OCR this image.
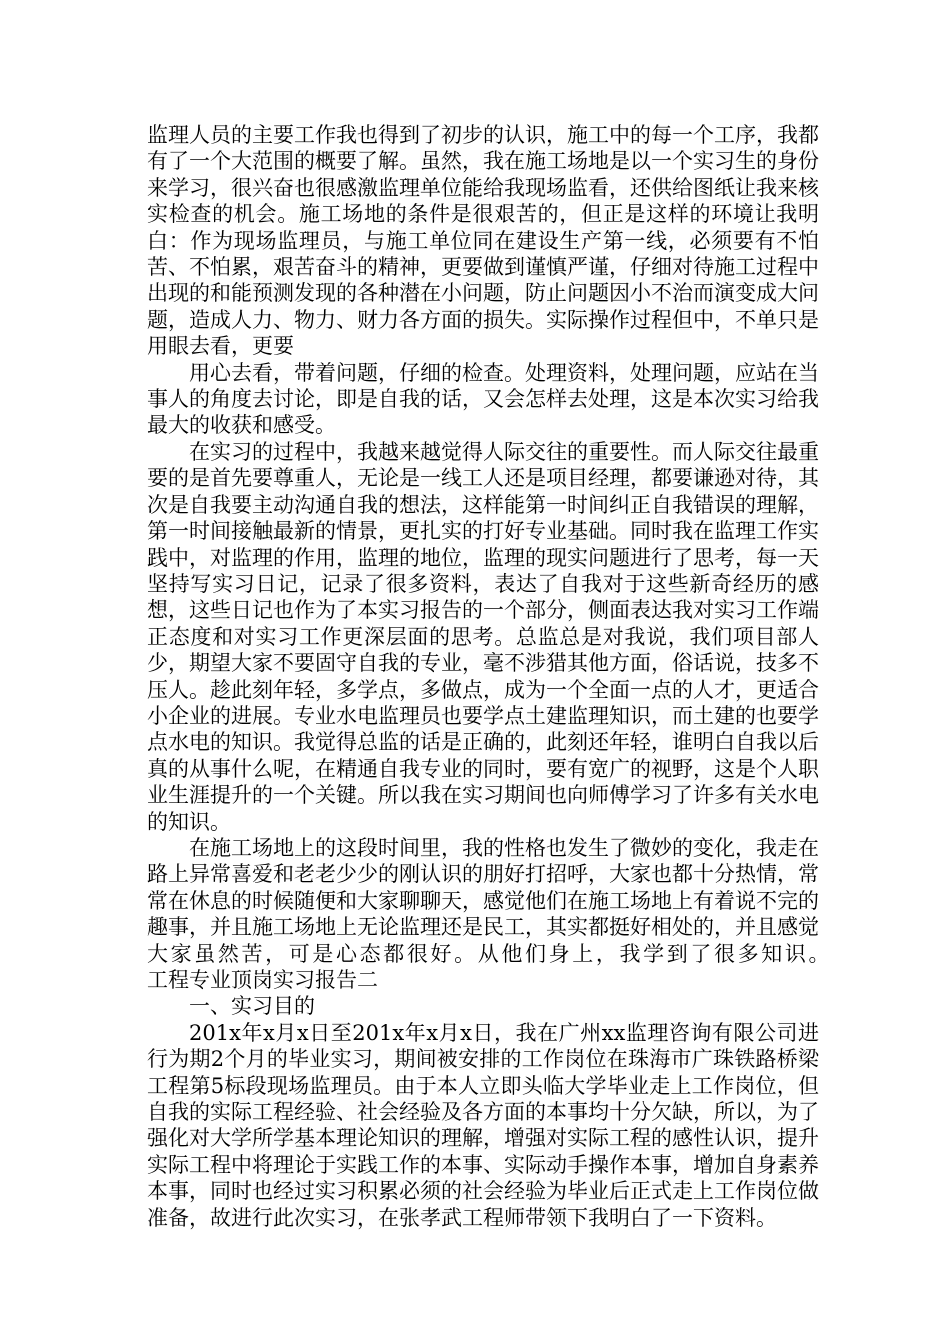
监理人员的主要工作我也得到了初步的认识，施工中的每一个工序，我都有了一个大范围的概要了解。虽然，我在施工场地是以一个实习生的身份来学习，很兴奋也很感激监理单位能给我现场监看，还供给图纸让我来核实检查的机会。施工场地的条件是很艰苦的，但正是这样的环境让我明白：作为现场监理员，与施工单位同在建设生产第一线，必须要有不怕苦、不怕累，艰苦奋斗的精神，更要做到谨慎严谨，仔细对待施工过程中出现的和能预测发现的各种潜在小问题，防止问题因小不治而演变成大问题，造成人力、物力、财力各方面的损失。实际操作过程但中，不单只是用眼去看，更要

用心去看，带着问题，仔细的检查。处理资料，处理问题，应站在当事人的角度去讨论，即是自我的话，又会怎样去处理，这是本次实习给我最大的收获和感受。

在实习的过程中，我越来越觉得人际交往的重要性。而人际交往最重要的是首先要尊重人，无论是一线工人还是项目经理，都要谦逊对待，其次是自我要主动沟通自我的想法，这样能第一时间纠正自我错误的理解，第一时间接触最新的情景，更扎实的打好专业基础。同时我在监理工作实践中，对监理的作用，监理的地位，监理的现实问题进行了思考，每一天坚持写实习日记，记录了很多资料，表达了自我对于这些新奇经历的感想，这些日记也作为了本实习报告的一个部分，侧面表达我对实习工作端正态度和对实习工作更深层面的思考。总监总是对我说，我们项目部人少，期望大家不要固守自我的专业，毫不涉猎其他方面，俗话说，技多不压人。趁此刻年轻，多学点，多做点，成为一个全面一点的人才，更适合小企业的进展。专业水电监理员也要学点土建监理知识，而土建的也要学点水电的知识。我觉得总监的话是正确的，此刻还年轻，谁明白自我以后真的从事什么呢，在精通自我专业的同时，要有宽广的视野，这是个人职业生涯提升的一个关键。所以我在实习期间也向师傅学习了许多有关水电的知识。

在施工场地上的这段时间里，我的性格也发生了微妙的变化，我走在路上异常喜爱和老老少少的刚认识的朋好打招呼，大家也都十分热情，常常在休息的时候随便和大家聊聊天，感觉他们在施工场地上有着说不完的趣事，并且施工场地上无论监理还是民工，其实都挺好相处的，并且感觉大家虽然苦，可是心态都很好。从他们身上，我学到了很多知识。　　　工程专业顶岗实习报告二

一、实习目的

201x年x月x日至201x年x月x日，我在广州xx监理咨询有限公司进行为期2个月的毕业实习，期间被安排的工作岗位在珠海市广珠铁路桥梁工程第5标段现场监理员。由于本人立即头临大学毕业走上工作岗位，但自我的实际工程经验、社会经验及各方面的本事均十分欠缺，所以，为了强化对大学所学基本理论知识的理解，增强对实际工程的感性认识，提升实际工程中将理论于实践工作的本事、实际动手操作本事，增加自身素养本事，同时也经过实习积累必须的社会经验为毕业后正式走上工作岗位做准备，故进行此次实习，在张孝武工程师带领下我明白了一下资料。
